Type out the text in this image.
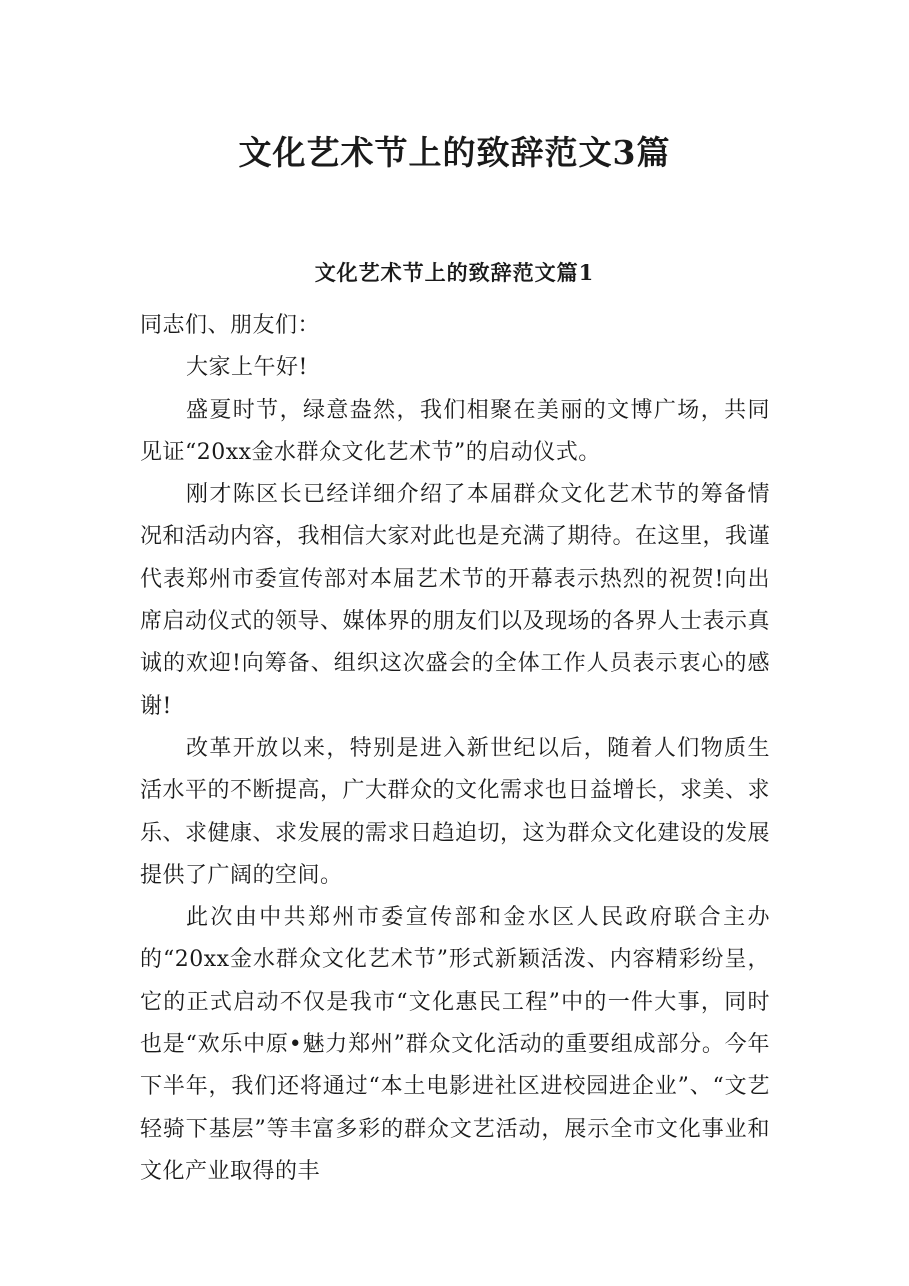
文化艺术节上的致辞范文3篇
文化艺术节上的致辞范文篇1

同志们、朋友们：

大家上午好!

盛夏时节，绿意盎然，我们相聚在美丽的文博广场，共同见证“20xx金水群众文化艺术节”的启动仪式。

刚才陈区长已经详细介绍了本届群众文化艺术节的筹备情况和活动内容，我相信大家对此也是充满了期待。在这里，我谨代表郑州市委宣传部对本届艺术节的开幕表示热烈的祝贺!向出席启动仪式的领导、媒体界的朋友们以及现场的各界人士表示真诚的欢迎!向筹备、组织这次盛会的全体工作人员表示衷心的感谢!

改革开放以来，特别是进入新世纪以后，随着人们物质生活水平的不断提高，广大群众的文化需求也日益增长，求美、求乐、求健康、求发展的需求日趋迫切，这为群众文化建设的发展提供了广阔的空间。

此次由中共郑州市委宣传部和金水区人民政府联合主办的“20xx金水群众文化艺术节”形式新颖活泼、内容精彩纷呈，它的正式启动不仅是我市“文化惠民工程”中的一件大事，同时也是“欢乐中原•魅力郑州”群众文化活动的重要组成部分。今年下半年，我们还将通过“本土电影进社区进校园进企业”、“文艺轻骑下基层”等丰富多彩的群众文艺活动，展示全市文化事业和文化产业取得的丰
